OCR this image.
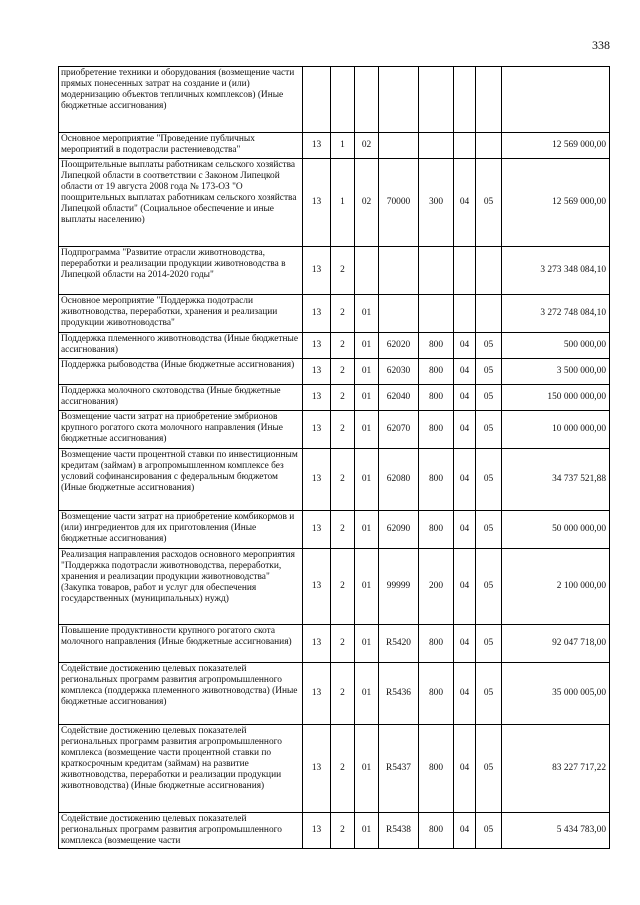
338
приобретение техники и оборудования (возмещение части прямых понесенных затрат на создание и (или) модернизацию объектов тепличных комплексов) (Иные бюджетные ассигнования)								
Основное мероприятие "Проведение публичных мероприятий в подотрасли растениеводства"	13	1	02					12 569 000,00
Поощрительные выплаты работникам сельского хозяйства Липецкой области в соответствии с Законом Липецкой области от 19 августа 2008 года № 173-ОЗ "О поощрительных выплатах работникам сельского хозяйства Липецкой области" (Социальное обеспечение и иные выплаты населению)	13	1	02	70000	300	04	05	12 569 000,00
Подпрограмма "Развитие отрасли животноводства, переработки и реализации продукции животноводства в Липецкой области на 2014-2020 годы"	13	2						3 273 348 084,10
Основное мероприятие "Поддержка подотрасли животноводства, переработки, хранения и реализации продукции животноводства"	13	2	01					3 272 748 084,10
Поддержка племенного животноводства (Иные бюджетные ассигнования)	13	2	01	62020	800	04	05	500 000,00
Поддержка рыбоводства (Иные бюджетные ассигнования)	13	2	01	62030	800	04	05	3 500 000,00
Поддержка молочного скотоводства (Иные бюджетные ассигнования)	13	2	01	62040	800	04	05	150 000 000,00
Возмещение части затрат на приобретение эмбрионов крупного рогатого скота молочного направления (Иные бюджетные ассигнования)	13	2	01	62070	800	04	05	10 000 000,00
Возмещение части процентной ставки по инвестиционным кредитам (займам) в агропромышленном комплексе без условий софинансирования с федеральным бюджетом (Иные бюджетные ассигнования)	13	2	01	62080	800	04	05	34 737 521,88
Возмещение части затрат на приобретение комбикормов и (или) ингредиентов для их приготовления (Иные бюджетные ассигнования)	13	2	01	62090	800	04	05	50 000 000,00
Реализация направления расходов основного мероприятия "Поддержка подотрасли животноводства, переработки, хранения и реализации продукции животноводства" (Закупка товаров, работ и услуг для обеспечения государственных (муниципальных) нужд)	13	2	01	99999	200	04	05	2 100 000,00
Повышение продуктивности крупного рогатого скота молочного направления (Иные бюджетные ассигнования)	13	2	01	R5420	800	04	05	92 047 718,00
Содействие достижению целевых показателей региональных программ развития агропромышленного комплекса (поддержка племенного животноводства) (Иные бюджетные ассигнования)	13	2	01	R5436	800	04	05	35 000 005,00
Содействие достижению целевых показателей региональных программ развития агропромышленного комплекса (возмещение части процентной ставки по краткосрочным кредитам (займам) на развитие животноводства, переработки и реализации продукции животноводства) (Иные бюджетные ассигнования)	13	2	01	R5437	800	04	05	83 227 717,22
Содействие достижению целевых показателей региональных программ развития агропромышленного комплекса (возмещение части	13	2	01	R5438	800	04	05	5 434 783,00
